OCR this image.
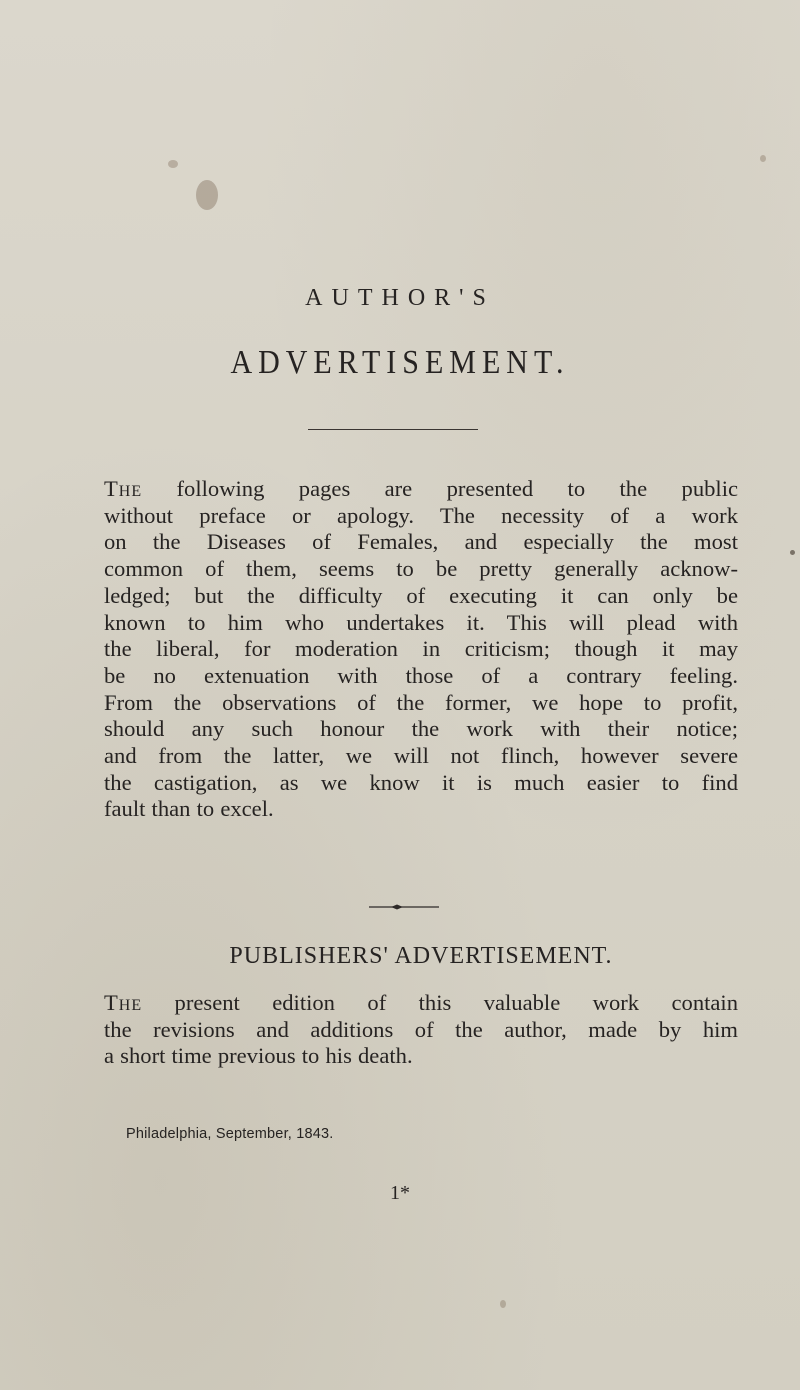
AUTHOR'S
ADVERTISEMENT.
The following pages are presented to the public
without preface or apology. The necessity of a work
on the Diseases of Females, and especially the most
common of them, seems to be pretty generally acknow-
ledged; but the difficulty of executing it can only be
known to him who undertakes it. This will plead with
the liberal, for moderation in criticism; though it may
be no extenuation with those of a contrary feeling.
From the observations of the former, we hope to profit,
should any such honour the work with their notice;
and from the latter, we will not flinch, however severe
the castigation, as we know it is much easier to find
fault than to excel.
PUBLISHERS' ADVERTISEMENT.
The present edition of this valuable work contain
the revisions and additions of the author, made by him
a short time previous to his death.
Philadelphia, September, 1843.
1*
